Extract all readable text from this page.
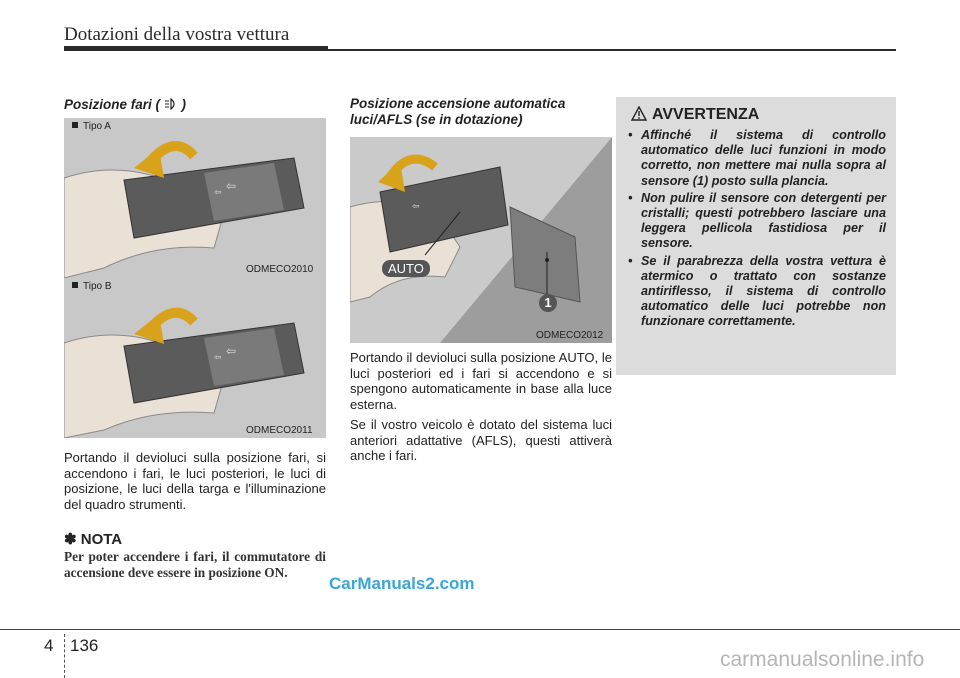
Dotazioni della vostra vettura
Posizione fari (  )
⇦ ⇦
Tipo A
ODMECO2010
⇦ ⇦
Tipo B
ODMECO2011
Portando il devioluci sulla posizione fari, si accendono i fari, le luci posteriori, le luci di posizione, le luci della targa e l'illuminazione del quadro strumenti.
✽ NOTA
Per poter accendere i fari, il commutatore di accensione deve essere in posizione ON.
Posizione accensione automatica luci/AFLS (se in dotazione)
⇦
AUTO
1
ODMECO2012
Portando il devioluci sulla posizione AUTO, le luci posteriori ed i fari si accendono e si spengono automaticamente in base alla luce esterna.
Se il vostro veicolo è dotato del sistema luci anteriori adattative (AFLS), questi attiverà anche i fari.
AVVERTENZA
• Affinché il sistema di controllo automatico delle luci funzioni in modo corretto, non mettere mai nulla sopra al sensore (1) posto sulla plancia.
• Non pulire il sensore con detergenti per cristalli; questi potrebbero lasciare una leggera pellicola fastidiosa per il sensore.
• Se il parabrezza della vostra vettura è atermico o trattato con sostanze antiriflesso, il sistema di controllo automatico delle luci potrebbe non funzionare correttamente.
4 136
CarManuals2.com
carmanualsonline.info
